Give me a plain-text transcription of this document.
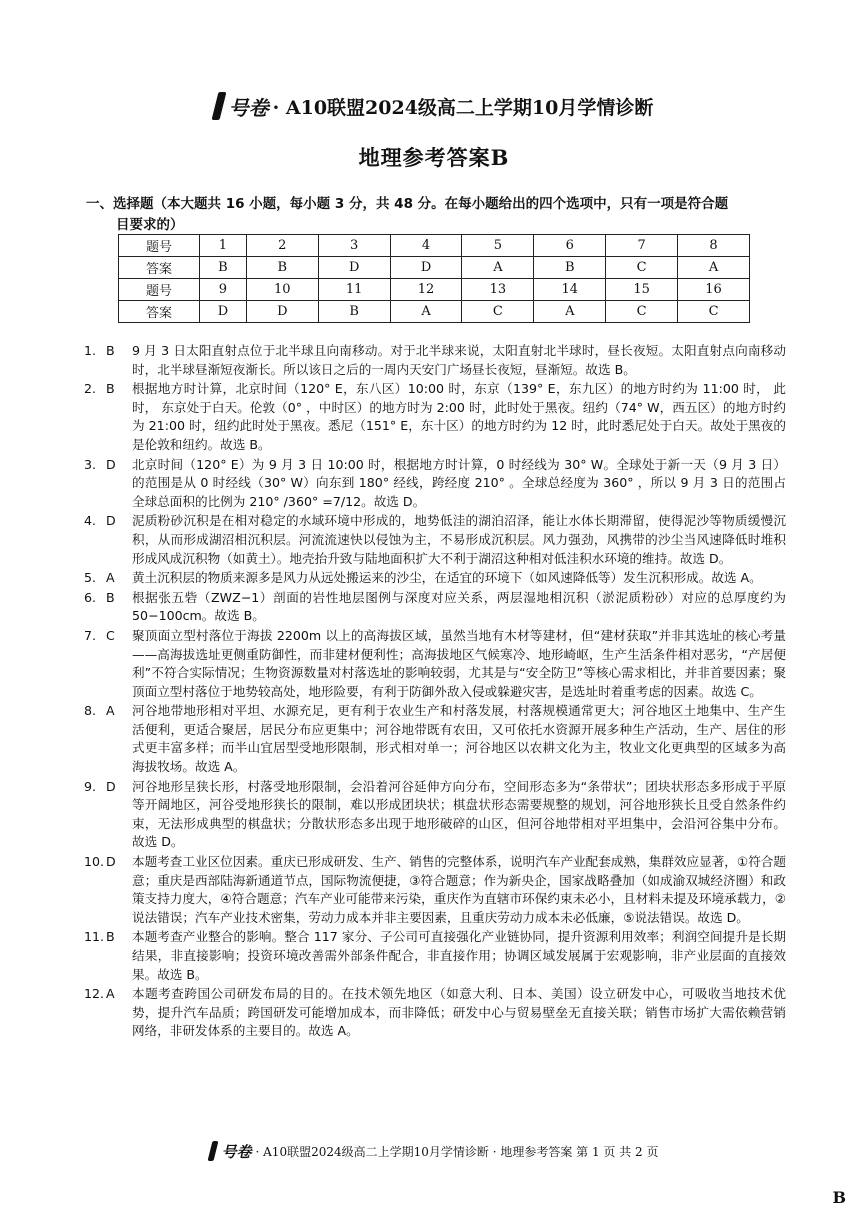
号卷 · A10联盟2024级高二上学期10月学情诊断
地理参考答案B
一、选择题（本大题共 16 小题，每小题 3 分，共 48 分。在每小题给出的四个选项中，只有一项是符合题
目要求的）
题号	1	2	3	4	5	6	7	8
答案	B	B	D	D	A	B	C	A
题号	9	10	11	12	13	14	15	16
答案	D	D	B	A	C	A	C	C
1. B	9 月 3 日太阳直射点位于北半球且向南移动。对于北半球来说，太阳直射北半球时，昼长夜短。太阳直射点向南移动时，北半球昼渐短夜渐长。所以该日之后的一周内天安门广场昼长夜短，昼渐短。故选 B。
2. B	根据地方时计算，北京时间（120° E，东八区）10:00 时，东京（139° E，东九区）的地方时约为 11:00 时， 此时， 东京处于白天。伦敦（0° ，中时区）的地方时为 2:00 时，此时处于黑夜。纽约（74° W，西五区）的地方时约为 21:00 时，纽约此时处于黑夜。悉尼（151° E，东十区）的地方时约为 12 时，此时悉尼处于白天。故处于黑夜的是伦敦和纽约。故选 B。
3. D	北京时间（120° E）为 9 月 3 日 10:00 时，根据地方时计算，0 时经线为 30° W。全球处于新一天（9 月 3 日）的范围是从 0 时经线（30° W）向东到 180° 经线，跨经度 210° 。全球总经度为 360° ，所以 9 月 3 日的范围占全球总面积的比例为 210° /360° =7/12。故选 D。
4. D	泥质粉砂沉积是在相对稳定的水域环境中形成的，地势低洼的湖泊沼泽，能让水体长期滞留，使得泥沙等物质缓慢沉积，从而形成湖沼相沉积层。河流流速快以侵蚀为主，不易形成沉积层。风力强劲，风携带的沙尘当风速降低时堆积形成风成沉积物（如黄土）。地壳抬升致与陆地面积扩大不利于湖沼这种相对低洼积水环境的维持。故选 D。
5. A	黄土沉积层的物质来源多是风力从远处搬运来的沙尘，在适宜的环境下（如风速降低等）发生沉积形成。故选 A。
6. B	根据张五砦（ZWZ−1）剖面的岩性地层图例与深度对应关系，两层湿地相沉积（淤泥质粉砂）对应的总厚度约为 50−100cm。故选 B。
7. C	聚顶面立型村落位于海拔 2200m 以上的高海拔区域，虽然当地有木材等建材，但“建材获取”并非其选址的核心考量——高海拔选址更侧重防御性，而非建材便利性；高海拔地区气候寒冷、地形崎岖，生产生活条件相对恶劣，“产居便利”不符合实际情况；生物资源数量对村落选址的影响较弱，尤其是与“安全防卫”等核心需求相比，并非首要因素；聚顶面立型村落位于地势较高处，地形险要，有利于防御外敌入侵或躲避灾害，是选址时着重考虑的因素。故选 C。
8. A	河谷地带地形相对平坦、水源充足，更有利于农业生产和村落发展，村落规模通常更大；河谷地区土地集中、生产生活便利，更适合聚居，居民分布应更集中；河谷地带既有农田，又可依托水资源开展多种生产活动，生产、居住的形式更丰富多样；而半山宜居型受地形限制，形式相对单一；河谷地区以农耕文化为主，牧业文化更典型的区域多为高海拔牧场。故选 A。
9. D	河谷地形呈狭长形，村落受地形限制，会沿着河谷延伸方向分布，空间形态多为“条带状”；团块状形态多形成于平原等开阔地区，河谷受地形狭长的限制，难以形成团块状；棋盘状形态需要规整的规划，河谷地形狭长且受自然条件约束，无法形成典型的棋盘状；分散状形态多出现于地形破碎的山区，但河谷地带相对平坦集中，会沿河谷集中分布。故选 D。
10. D	本题考查工业区位因素。重庆已形成研发、生产、销售的完整体系，说明汽车产业配套成熟，集群效应显著，①符合题意；重庆是西部陆海新通道节点，国际物流便捷，③符合题意；作为新央企，国家战略叠加（如成渝双城经济圈）和政策支持力度大，④符合题意；汽车产业可能带来污染，重庆作为直辖市环保约束未必小，且材料未提及环境承载力，②说法错误；汽车产业技术密集，劳动力成本并非主要因素，且重庆劳动力成本未必低廉，⑤说法错误。故选 D。
11. B	本题考查产业整合的影响。整合 117 家分、子公司可直接强化产业链协同，提升资源利用效率；利润空间提升是长期结果，非直接影响；投资环境改善需外部条件配合，非直接作用；协调区域发展属于宏观影响，非产业层面的直接效果。故选 B。
12. A	本题考查跨国公司研发布局的目的。在技术领先地区（如意大利、日本、美国）设立研发中心，可吸收当地技术优势，提升汽车品质；跨国研发可能增加成本，而非降低；研发中心与贸易壁垒无直接关联；销售市场扩大需依赖营销网络，非研发体系的主要目的。故选 A。
号卷 · A10联盟2024级高二上学期10月学情诊断 · 地理参考答案 第 1 页 共 2 页
B
